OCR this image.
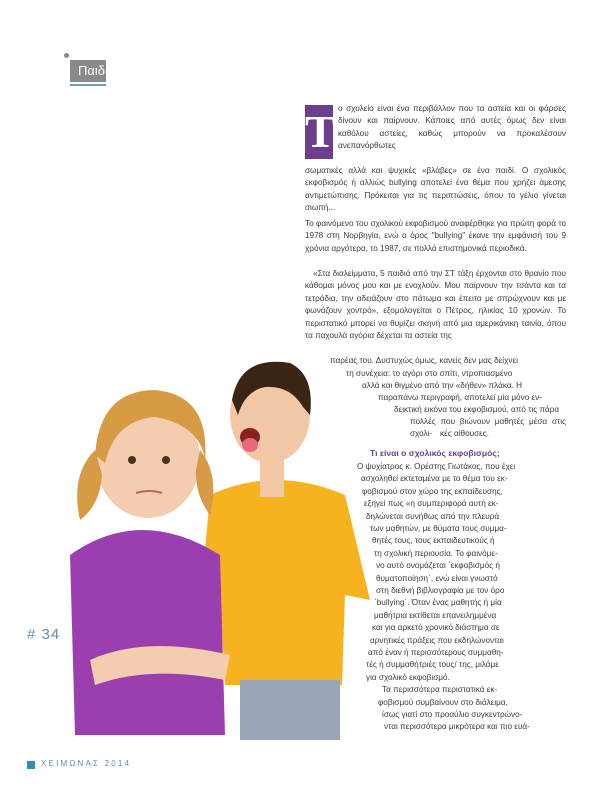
Παιδί
Τ ο σχολείο είναι ένα περιβάλλον που τα αστεία και οι φάρσες δίνουν και παίρνουν. Κάποιες από αυτές όμως δεν είναι καθόλου αστείες, καθώς μπορούν να προκαλέσουν ανεπανόρθωτες
σωματικές αλλά και ψυχικές «βλάβες» σε ένα παιδί. Ο σχολικός εκφοβισμός ή αλλιώς bullying αποτελεί ένα θέμα που χρήζει άμεσης αντιμετώπισης. Πρόκειται για τις περιπτώσεις, όπου το γέλιο γίνεται σιωπή...
Το φαινόμενο του σχολικού εκφοβισμού αναφέρθηκε για πρώτη φορά το 1978 στη Νορβηγία, ενώ ο όρος "bullying" έκανε την εμφάνισή του 9 χρόνια αργότερα, το 1987, σε πολλά επιστημονικά περιοδικά.
«Στα διαλείμματα, 5 παιδιά από την ΣΤ τάξη έρχονται στο θρανίο που κάθομαι μόνος μου και με ενοχλούν. Μου παίρνουν την τσάντα και τα τετράδια, την αδειάζουν στο πάτωμα και έπειτα με σπρώχνουν και με φωνάζουν χοντρό», εξομολογείται ο Πέτρος, ηλικίας 10 χρονών. Το περιστατικό μπορεί να θυμίζει σκηνή από μια αμερικάνικη ταινία, όπου τα παχουλά αγόρια δέχεται τα αστεία της
παρέας του. Δυστυχώς όμως, κανείς δεν μας δείχνει
τη συνέχεια: το αγόρι στο σπίτι, ντροπιασμένο
αλλά και θιγμένο από την «δήθεν» πλάκα. Η
παραπάνω περιγραφή, αποτελεί μία μόνο εν-
δεικτική εικόνα του εκφοβισμού, από τις πάρα
πολλές που βιώνουν μαθητές μέσα στις σχολι- κές αίθουσες.
Τι είναι ο σχολικός εκφοβισμός;
Ο ψυχίατρος κ. Ορέστης Γιωτάκος, που έχει
ασχοληθεί εκτεταμένα με το θέμα του εκ-
φοβισμού στον χώρο της εκπαίδευσης,
εξηγεί πως «η συμπεριφορά αυτή εκ-
δηλώνεται συνήθως από την πλευρά
των μαθητών, με θύματα τους συμμα-
θητές τους, τους εκπαιδευτικούς ή
τη σχολική περιουσία. Το φαινόμε-
νο αυτό ονομάζεται ΄εκφοβισμός ή
θυματοποίηση΄, ενώ είναι γνωστό
στη διεθνή βιβλιογραφία με τον όρο
΄bullying΄. Όταν ένας μαθητής ή μία
μαθήτρια εκτίθεται επανειλημμένα
και για αρκετό χρονικό διάστημα σε
αρνητικές πράξεις που εκδηλώνονται
από έναν ή περισσότερους συμμαθη-
τές ή συμμαθήτριές τους/ της, μιλάμε
για σχολικό εκφοβισμό.
Τα περισσότερα περιστατικά εκ-
φοβισμού συμβαίνουν στο διάλειμα,
ίσως γιατί στο προαύλιο συγκεντρώνο-
νται περισσότερα μικρότερα και πιο ευά-
# 34
ΧΕΙΜΩΝΑΣ 2014
